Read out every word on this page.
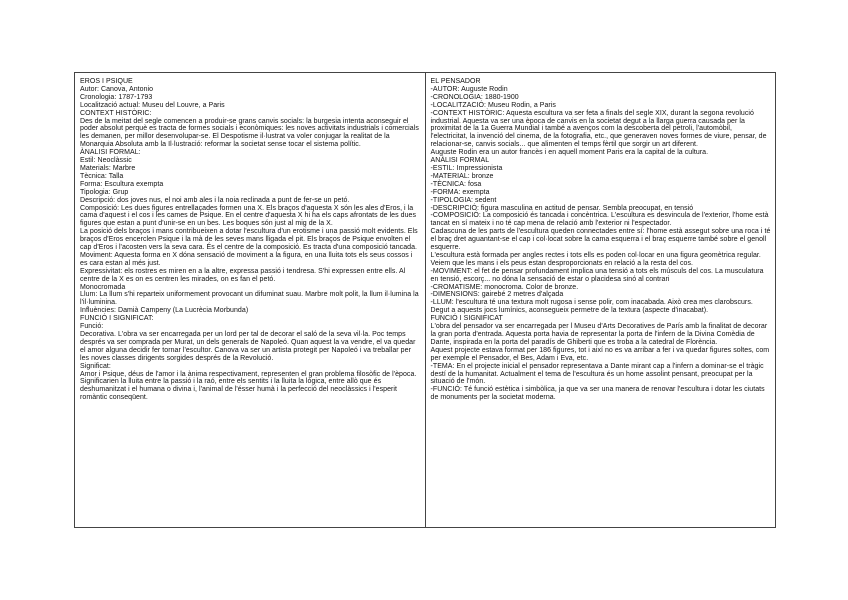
EROS I PSIQUE
Autor: Canova, Antonio
Cronologia: 1787-1793
Localització actual: Museu del Louvre, a Paris
CONTEXT HISTÒRIC:
Des de la meitat del segle comencen a produir-se grans canvis socials: la burgesia intenta aconseguir el poder absolut perquè es tracta de formes socials i econòmiques: les noves activitats industrials i comercials les demanen, per millor desenvolupar-se. El Despotisme il·lustrat va voler conjugar la realitat de la Monarquia Absoluta amb la Il·lustració: reformar la societat sense tocar el sistema polític.
ÀNALISI FORMAL:
Estil: Neoclàssic
Materials: Marbre
Tècnica: Talla
Forma: Escultura exempta
Tipologia: Grup
Descripció: dos joves nus, el noi amb ales i la noia reclinada a punt de fer-se un petó.
Composició: Les dues figures entrellaçades formen una X. Els braços d'aquesta X són les ales d'Eros, i la cama d'aquest i el cos i les cames de Psique. En el centre d'aquesta X hi ha els caps afrontats de les dues figures que estan a punt d'unir-se en un bes. Les boques són just al mig de la X.
La posició dels braços i mans contribueixen a dotar l'escultura d'un erotisme i una passió molt evidents. Els braços d'Eros encerclen Psique i la mà de les seves mans lligada el pit. Els braços de Psique envolten el cap d'Eros i l'acosten vers la seva cara. És el centre de la composició. Es tracta d'una composició tancada.
Moviment: Aquesta forma en X dóna sensació de moviment a la figura, en una lluita tots els seus cossos i es cara estan al més just.
Expressivitat: els rostres es miren en a la altre, expressa passió i tendresa. S'hi expressen entre ells. Al centre de la X es on es centren les mirades, on es fan el petó.
Monocromada
Llum: La llum s'hi reparteix uniformement provocant un difuminat suau. Marbre molt polit, la llum il·lumina la l'il·luminina.
Influències: Damià Campeny (La Lucrècia Morbunda)
FUNCIÓ I SIGNIFICAT:
Funció:
Decorativa. L'obra va ser encarregada per un lord per tal de decorar el saló de la seva vil·la. Poc temps després va ser comprada per Murat, un dels generals de Napoleó. Quan aquest la va vendre, el va quedar el amor alguna decidir fer tornar l'escultor. Canova va ser un artista protegit per Napoleó i va treballar per les noves classes dirigents sorgides després de la Revolució.
Significat:
Amor i Psique, déus de l'amor i la ànima respectivament, representen el gran problema filosòfic de l'època. Significarien la lluita entre la passió i la raó, entre els sentits i la lluita la lògica, entre allò que és deshumanitzat i el humana o divina i, l'animal de l'ésser humà i la perfecció del neoclàssics i l'esperit romàntic conseqüent.
EL PENSADOR
-AUTOR: Auguste Rodin
-CRONOLOGIA: 1880-1900
-LOCALITZACIÓ: Museu Rodin, a Paris
-CONTEXT HISTÒRIC: Aquesta escultura va ser feta a finals del segle XIX, durant la segona revolució industrial. Aquesta va ser una època de canvis en la societat degut a la llarga guerra causada per la proximitat de la 1a Guerra Mundial i també a avenços com la descoberta del petroli, l'automòbil, l'electricitat, la invenció del cinema, de la fotografia, etc., que generaven noves formes de viure, pensar, de relacionar-se, canvis socials... que alimenten el temps fèrtil que sorgir un art diferent.
Auguste Rodin era un autor francès i en aquell moment Paris era la capital de la cultura.
ANÀLISI FORMAL
-ESTIL: Impressionista
-MATERIAL: bronze
-TÈCNICA: fosa
-FORMA: exempta
-TIPOLOGIA: sedent
-DESCRIPCIÓ: figura masculina en actitud de pensar. Sembla preocupat, en tensió
-COMPOSICIÓ: La composició és tancada i concèntrica. L'escultura es desvincula de l'exterior, l'home està tancat en sí mateix i no té cap mena de relació amb l'exterior ni l'espectador.
Cadascuna de les parts de l'escultura queden connectades entre sí: l'home està assegut sobre una roca i té el braç dret aguantant-se el cap i col·locat sobre la cama esquerra i el braç esquerre també sobre el genoll esquerre.
L'escultura està formada per angles rectes i tots ells es poden col·locar en una figura geomètrica regular.
Veiem que les mans i els peus estan desproporcionats en relació a la resta del cos.
-MOVIMENT: el fet de pensar profundament implica una tensió a tots els músculs del cos. La musculatura en tensió, escorç... no dóna la sensació de estar o placidesa sinó al contrari
-CROMATISME: monocroma. Color de bronze.
-DIMENSIONS: gairebé 2 metres d'alçada
-LLUM: l'escultura té una textura molt rugosa i sense polir, com inacabada. Això crea mes clarobscurs. Degut a aquests jocs lumínics, aconsegueix permetre de la textura (aspecte d'inacabat).
FUNCIÓ I SIGNIFICAT
L'obra del pensador va ser encarregada per l Museu d'Arts Decoratives de París amb la finalitat de decorar la gran porta d'entrada. Aquesta porta havia de representar la porta de l'infern de la Divina Comèdia de Dante, inspirada en la porta del paradís de Ghiberti que es troba a la catedral de Florència.
Aquest projecte estava format per 186 figures, tot i així no es va arribar a fer i va quedar figures soltes, com per exemple el Pensador, el Bes, Adam i Eva, etc.
-TEMA: En el projecte inicial el pensador representava a Dante mirant cap a l'infern a dominar-se el tràgic destí de la humanitat. Actualment el tema de l'escultura és un home assolint pensant, preocupat per la situació de l'món.
-FUNCIÓ: Té funció estètica i simbòlica, ja que va ser una manera de renovar l'escultura i dotar les ciutats de monuments per la societat moderna.
